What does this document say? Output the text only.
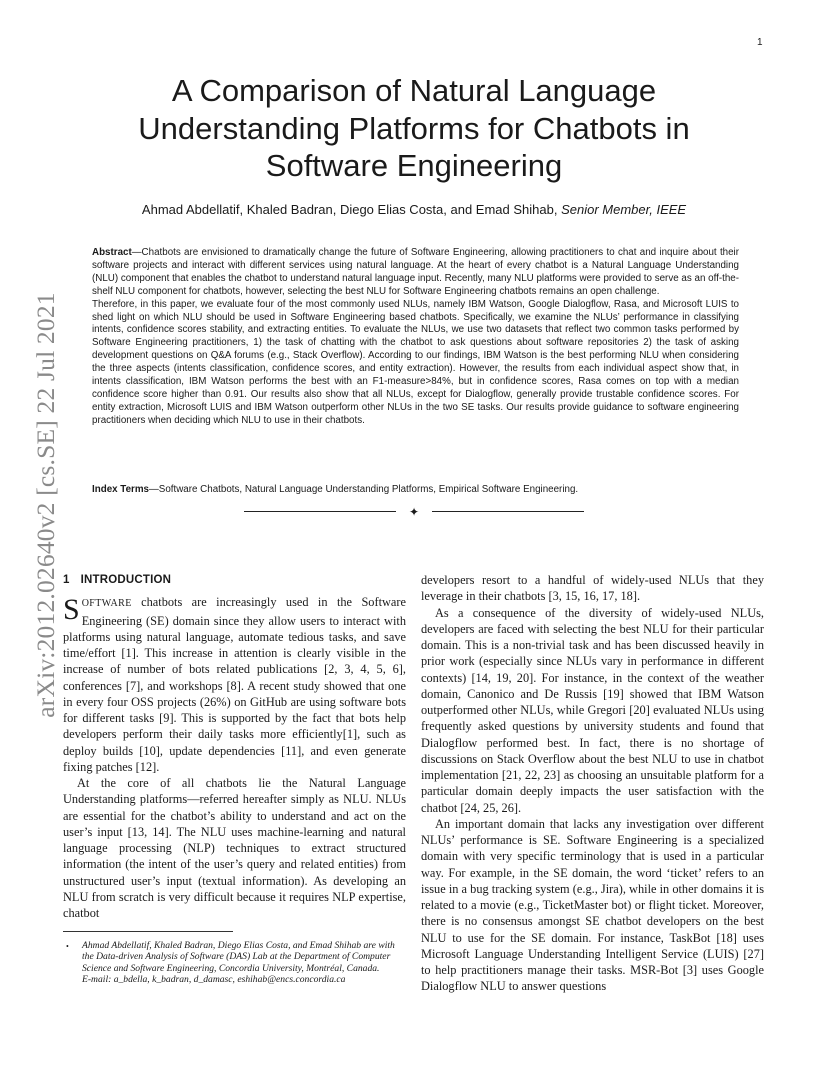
1
arXiv:2012.02640v2 [cs.SE] 22 Jul 2021
A Comparison of Natural Language Understanding Platforms for Chatbots in Software Engineering
Ahmad Abdellatif, Khaled Badran, Diego Elias Costa, and Emad Shihab, Senior Member, IEEE

Abstract—Chatbots are envisioned to dramatically change the future of Software Engineering, allowing practitioners to chat and inquire about their software projects and interact with different services using natural language. At the heart of every chatbot is a Natural Language Understanding (NLU) component that enables the chatbot to understand natural language input. Recently, many NLU platforms were provided to serve as an off-the-shelf NLU component for chatbots, however, selecting the best NLU for Software Engineering chatbots remains an open challenge.

Therefore, in this paper, we evaluate four of the most commonly used NLUs, namely IBM Watson, Google Dialogflow, Rasa, and Microsoft LUIS to shed light on which NLU should be used in Software Engineering based chatbots. Specifically, we examine the NLUs’ performance in classifying intents, confidence scores stability, and extracting entities. To evaluate the NLUs, we use two datasets that reflect two common tasks performed by Software Engineering practitioners, 1) the task of chatting with the chatbot to ask questions about software repositories 2) the task of asking development questions on Q&A forums (e.g., Stack Overflow). According to our findings, IBM Watson is the best performing NLU when considering the three aspects (intents classification, confidence scores, and entity extraction). However, the results from each individual aspect show that, in intents classification, IBM Watson performs the best with an F1-measure>84%, but in confidence scores, Rasa comes on top with a median confidence score higher than 0.91. Our results also show that all NLUs, except for Dialogflow, generally provide trustable confidence scores. For entity extraction, Microsoft LUIS and IBM Watson outperform other NLUs in the two SE tasks. Our results provide guidance to software engineering practitioners when deciding which NLU to use in their chatbots.

Index Terms—Software Chatbots, Natural Language Understanding Platforms, Empirical Software Engineering.
✦
1 INTRODUCTION

SOFTWARE chatbots are increasingly used in the Software Engineering (SE) domain since they allow users to interact with platforms using natural language, automate tedious tasks, and save time/effort [1]. This increase in attention is clearly visible in the increase of number of bots related publications [2, 3, 4, 5, 6], conferences [7], and workshops [8]. A recent study showed that one in every four OSS projects (26%) on GitHub are using software bots for different tasks [9]. This is supported by the fact that bots help developers perform their daily tasks more efficiently[1], such as deploy builds [10], update dependencies [11], and even generate fixing patches [12].

At the core of all chatbots lie the Natural Language Understanding platforms—referred hereafter simply as NLU. NLUs are essential for the chatbot’s ability to understand and act on the user’s input [13, 14]. The NLU uses machine-learning and natural language processing (NLP) techniques to extract structured information (the intent of the user’s query and related entities) from unstructured user’s input (textual information). As developing an NLU from scratch is very difficult because it requires NLP expertise, chatbot

developers resort to a handful of widely-used NLUs that they leverage in their chatbots [3, 15, 16, 17, 18].

As a consequence of the diversity of widely-used NLUs, developers are faced with selecting the best NLU for their particular domain. This is a non-trivial task and has been discussed heavily in prior work (especially since NLUs vary in performance in different contexts) [14, 19, 20]. For instance, in the context of the weather domain, Canonico and De Russis [19] showed that IBM Watson outperformed other NLUs, while Gregori [20] evaluated NLUs using frequently asked questions by university students and found that Dialogflow performed best. In fact, there is no shortage of discussions on Stack Overflow about the best NLU to use in chatbot implementation [21, 22, 23] as choosing an unsuitable platform for a particular domain deeply impacts the user satisfaction with the chatbot [24, 25, 26].

An important domain that lacks any investigation over different NLUs’ performance is SE. Software Engineering is a specialized domain with very specific terminology that is used in a particular way. For example, in the SE domain, the word ‘ticket’ refers to an issue in a bug tracking system (e.g., Jira), while in other domains it is related to a movie (e.g., TicketMaster bot) or flight ticket. Moreover, there is no consensus amongst SE chatbot developers on the best NLU to use for the SE domain. For instance, TaskBot [18] uses Microsoft Language Understanding Intelligent Service (LUIS) [27] to help practitioners manage their tasks. MSR-Bot [3] uses Google Dialogflow NLU to answer questions

• Ahmad Abdellatif, Khaled Badran, Diego Elias Costa, and Emad Shihab are with the Data-driven Analysis of Software (DAS) Lab at the Department of Computer Science and Software Engineering, Concordia University, Montréal, Canada.

E-mail: a_bdella, k_badran, d_damasc, eshihab@encs.concordia.ca
